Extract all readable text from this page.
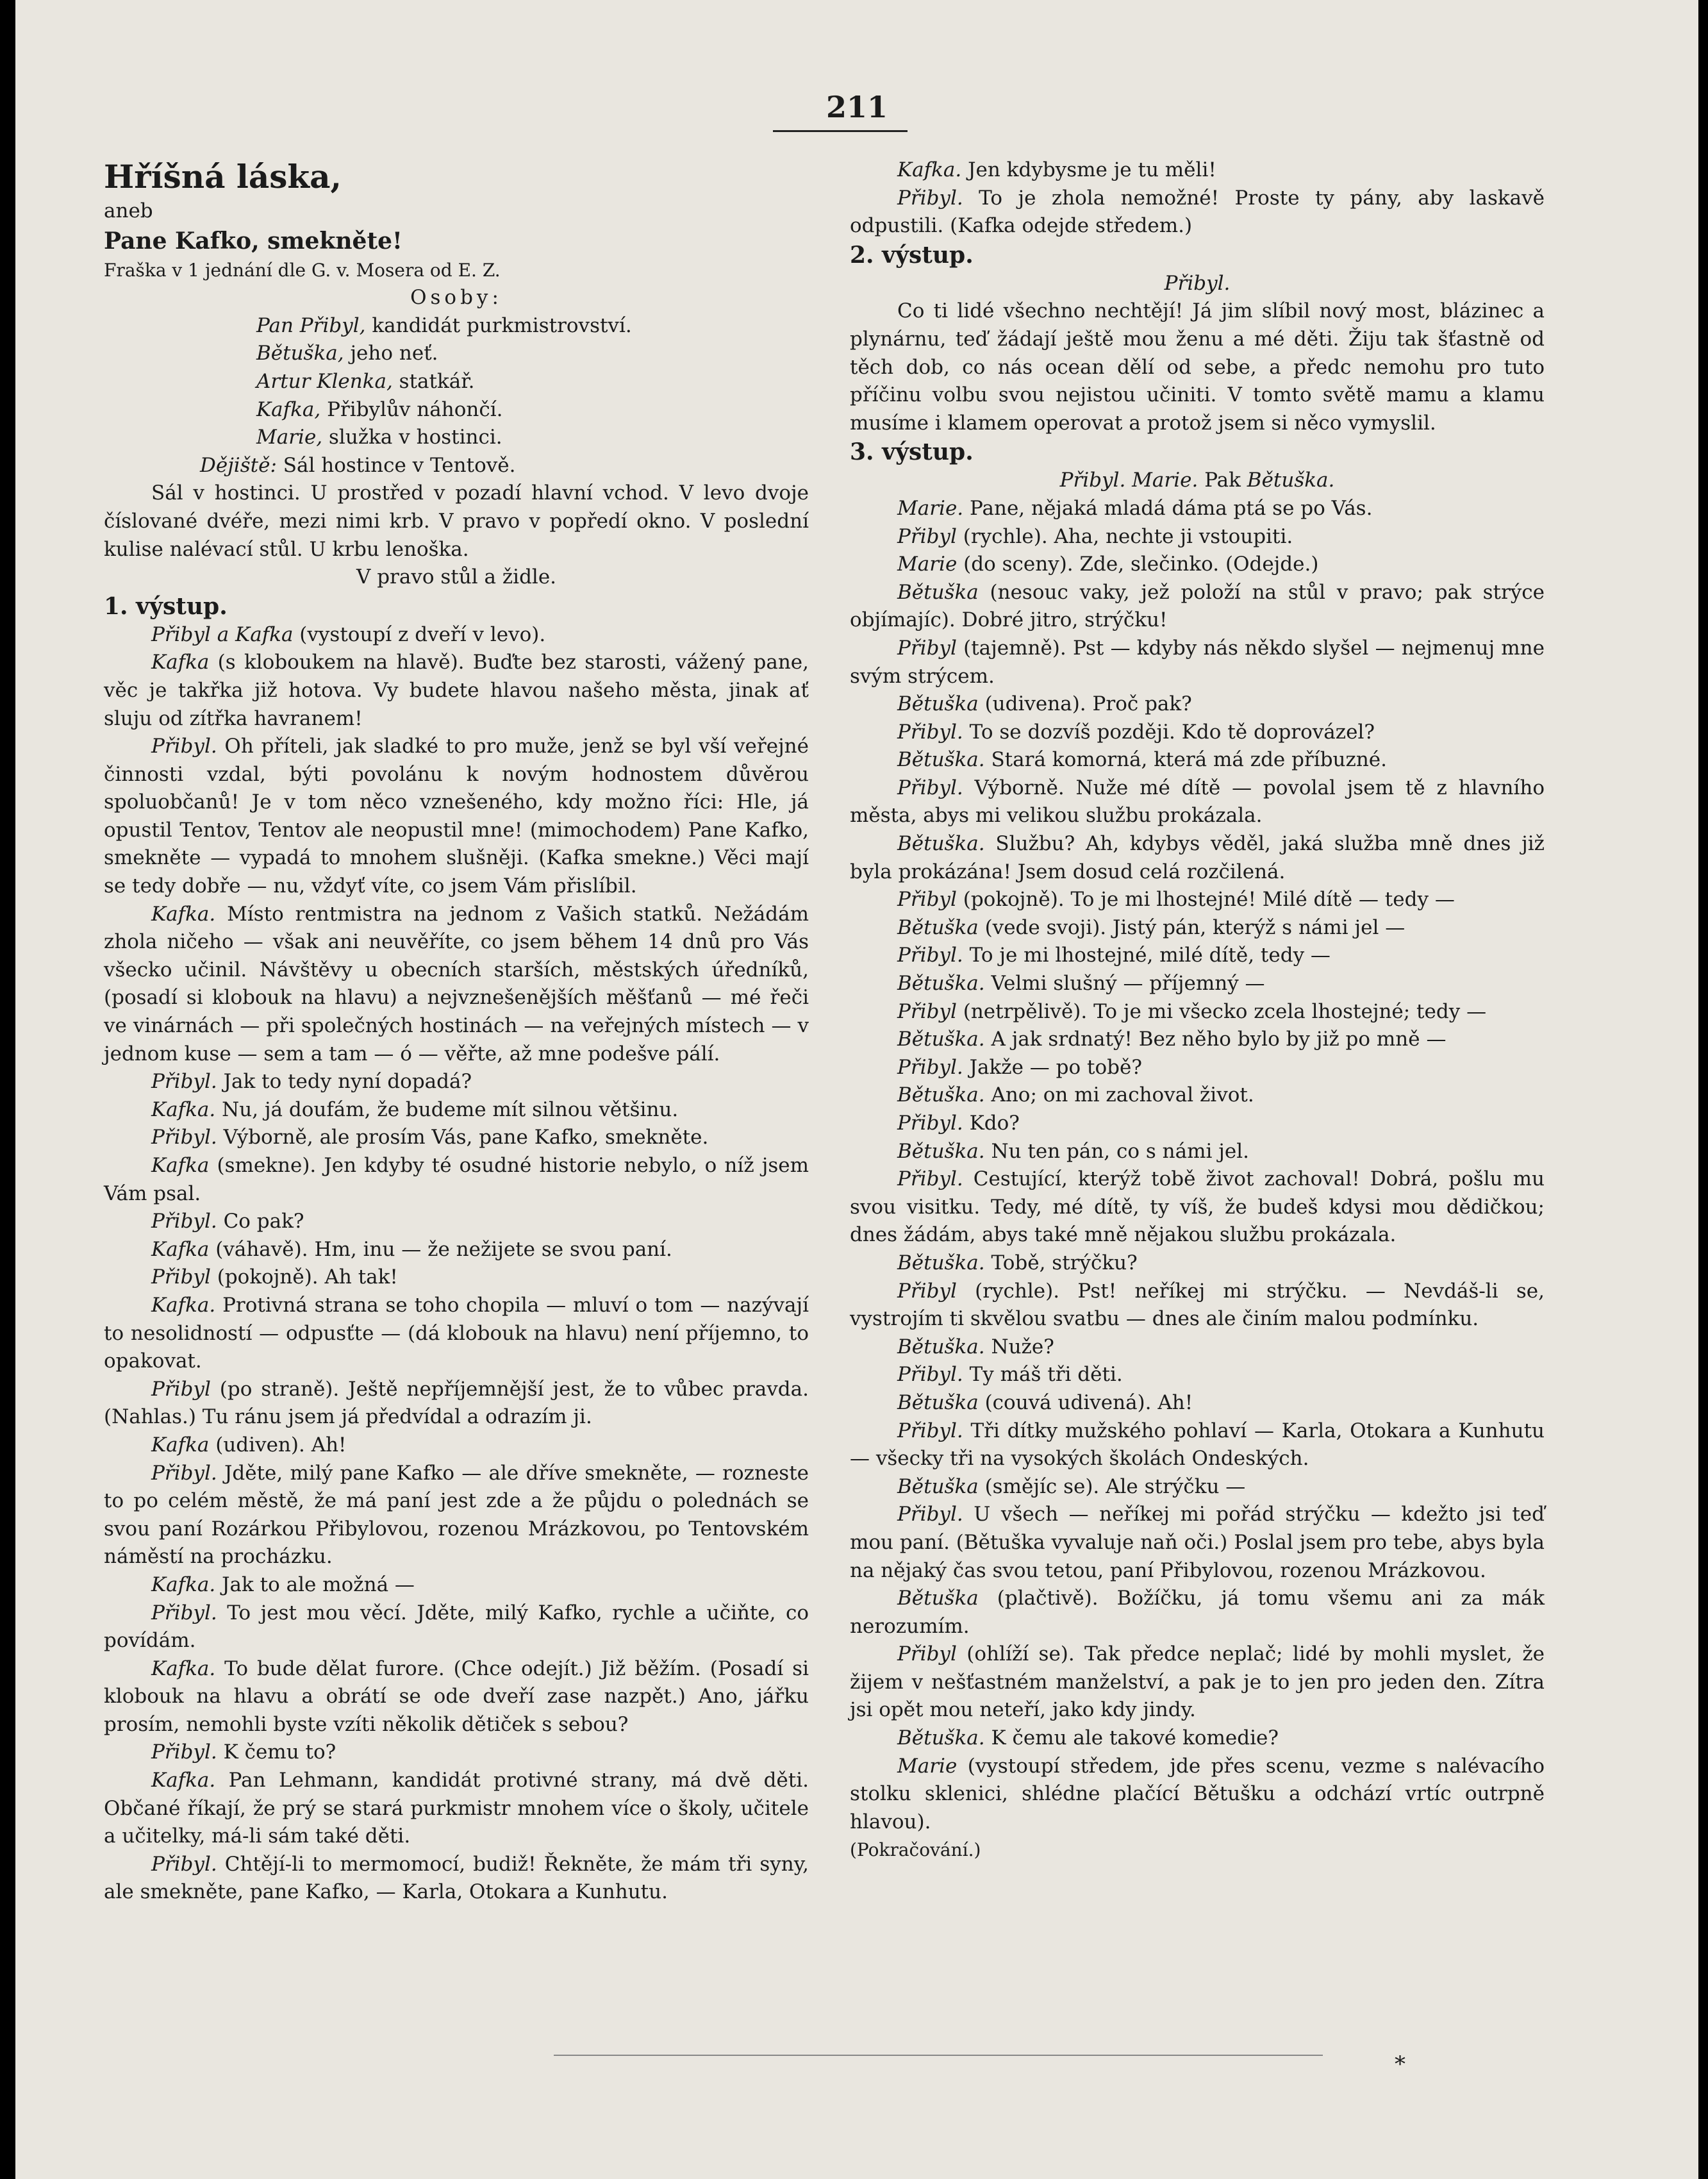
211

Hříšná láska,

aneb

Pane Kafko, smekněte!

Fraška v 1 jednání dle G. v. Mosera od E. Z.

Osoby:

Pan Přibyl, kandidát purkmistrovství.

Bětuška, jeho neť.

Artur Klenka, statkář.

Kafka, Přibylův náhončí.

Marie, služka v hostinci.

Dějiště: Sál hostince v Tentově.

Sál v hostinci. U prostřed v pozadí hlavní vchod. V levo dvoje číslované dvéře, mezi nimi krb. V pravo v popředí okno. V poslední kulise nalévací stůl. U krbu lenoška.

V pravo stůl a židle.

1. výstup.

Přibyl a Kafka (vystoupí z dveří v levo).

Kafka (s kloboukem na hlavě). Buďte bez starosti, vážený pane, věc je takřka již hotova. Vy budete hlavou našeho města, jinak ať sluju od zítřka havranem!

Přibyl. Oh příteli, jak sladké to pro muže, jenž se byl vší veřejné činnosti vzdal, býti povolánu k novým hodnostem důvěrou spoluobčanů! Je v tom něco vznešeného, kdy možno říci: Hle, já opustil Tentov, Tentov ale neopustil mne! (mimochodem) Pane Kafko, smekněte — vypadá to mnohem slušněji. (Kafka smekne.) Věci mají se tedy dobře — nu, vždyť víte, co jsem Vám přislíbil.

Kafka. Místo rentmistra na jednom z Vašich statků. Nežádám zhola ničeho — však ani neuvěříte, co jsem během 14 dnů pro Vás všecko učinil. Návštěvy u obecních starších, městských úředníků, (posadí si klobouk na hlavu) a nejvznešenějších měšťanů — mé řeči ve vinárnách — při společných hostinách — na veřejných místech — v jednom kuse — sem a tam — ó — věřte, až mne podešve pálí.

Přibyl. Jak to tedy nyní dopadá?

Kafka. Nu, já doufám, že budeme mít silnou většinu.

Přibyl. Výborně, ale prosím Vás, pane Kafko, smekněte.

Kafka (smekne). Jen kdyby té osudné historie nebylo, o níž jsem Vám psal.

Přibyl. Co pak?

Kafka (váhavě). Hm, inu — že nežijete se svou paní.

Přibyl (pokojně). Ah tak!

Kafka. Protivná strana se toho chopila — mluví o tom — nazývají to nesolidností — odpusťte — (dá klobouk na hlavu) není příjemno, to opakovat.

Přibyl (po straně). Ještě nepříjemnější jest, že to vůbec pravda. (Nahlas.) Tu ránu jsem já předvídal a odrazím ji.

Kafka (udiven). Ah!

Přibyl. Jděte, milý pane Kafko — ale dříve smekněte, — rozneste to po celém městě, že má paní jest zde a že půjdu o polednách se svou paní Rozárkou Přibylovou, rozenou Mrázkovou, po Tentovském náměstí na procházku.

Kafka. Jak to ale možná —

Přibyl. To jest mou věcí. Jděte, milý Kafko, rychle a učiňte, co povídám.

Kafka. To bude dělat furore. (Chce odejít.) Již běžím. (Posadí si klobouk na hlavu a obrátí se ode dveří zase nazpět.) Ano, jářku prosím, nemohli byste vzíti několik dětiček s sebou?

Přibyl. K čemu to?

Kafka. Pan Lehmann, kandidát protivné strany, má dvě děti. Občané říkají, že prý se stará purkmistr mnohem více o školy, učitele a učitelky, má-li sám také děti.

Přibyl. Chtějí-li to mermomocí, budiž! Řekněte, že mám tři syny, ale smekněte, pane Kafko, — Karla, Otokara a Kunhutu.

Kafka. Jen kdybysme je tu měli!

Přibyl. To je zhola nemožné! Proste ty pány, aby laskavě odpustili. (Kafka odejde středem.)

2. výstup.

Přibyl.

Co ti lidé všechno nechtějí! Já jim slíbil nový most, blázinec a plynárnu, teď žádají ještě mou ženu a mé děti. Žiju tak šťastně od těch dob, co nás ocean dělí od sebe, a předc nemohu pro tuto příčinu volbu svou nejistou učiniti. V tomto světě mamu a klamu musíme i klamem operovat a protož jsem si něco vymyslil.

3. výstup.

Přibyl. Marie. Pak Bětuška.

Marie. Pane, nějaká mladá dáma ptá se po Vás.

Přibyl (rychle). Aha, nechte ji vstoupiti.

Marie (do sceny). Zde, slečinko. (Odejde.)

Bětuška (nesouc vaky, jež položí na stůl v pravo; pak strýce objímajíc). Dobré jitro, strýčku!

Přibyl (tajemně). Pst — kdyby nás někdo slyšel — nejmenuj mne svým strýcem.

Bětuška (udivena). Proč pak?

Přibyl. To se dozvíš později. Kdo tě doprovázel?

Bětuška. Stará komorná, která má zde příbuzné.

Přibyl. Výborně. Nuže mé dítě — povolal jsem tě z hlavního města, abys mi velikou službu prokázala.

Bětuška. Službu? Ah, kdybys věděl, jaká služba mně dnes již byla prokázána! Jsem dosud celá rozčilená.

Přibyl (pokojně). To je mi lhostejné! Milé dítě — tedy —

Bětuška (vede svoji). Jistý pán, kterýž s námi jel —

Přibyl. To je mi lhostejné, milé dítě, tedy —

Bětuška. Velmi slušný — příjemný —

Přibyl (netrpělivě). To je mi všecko zcela lhostejné; tedy —

Bětuška. A jak srdnatý! Bez něho bylo by již po mně —

Přibyl. Jakže — po tobě?

Bětuška. Ano; on mi zachoval život.

Přibyl. Kdo?

Bětuška. Nu ten pán, co s námi jel.

Přibyl. Cestující, kterýž tobě život zachoval! Dobrá, pošlu mu svou visitku. Tedy, mé dítě, ty víš, že budeš kdysi mou dědičkou; dnes žádám, abys také mně nějakou službu prokázala.

Bětuška. Tobě, strýčku?

Přibyl (rychle). Pst! neříkej mi strýčku. — Nevdáš-li se, vystrojím ti skvělou svatbu — dnes ale činím malou podmínku.

Bětuška. Nuže?

Přibyl. Ty máš tři děti.

Bětuška (couvá udivená). Ah!

Přibyl. Tři dítky mužského pohlaví — Karla, Otokara a Kunhutu — všecky tři na vysokých školách Ondeských.

Bětuška (smějíc se). Ale strýčku —

Přibyl. U všech — neříkej mi pořád strýčku — kdežto jsi teď mou paní. (Bětuška vyvaluje naň oči.) Poslal jsem pro tebe, abys byla na nějaký čas svou tetou, paní Přibylovou, rozenou Mrázkovou.

Bětuška (plačtivě). Božíčku, já tomu všemu ani za mák nerozumím.

Přibyl (ohlíží se). Tak předce neplač; lidé by mohli myslet, že žijem v nešťastném manželství, a pak je to jen pro jeden den. Zítra jsi opět mou neteří, jako kdy jindy.

Bětuška. K čemu ale takové komedie?

Marie (vystoupí středem, jde přes scenu, vezme s nalévacího stolku sklenici, shlédne plačící Bětušku a odchází vrtíc outrpně hlavou).

(Pokračování.)

*
